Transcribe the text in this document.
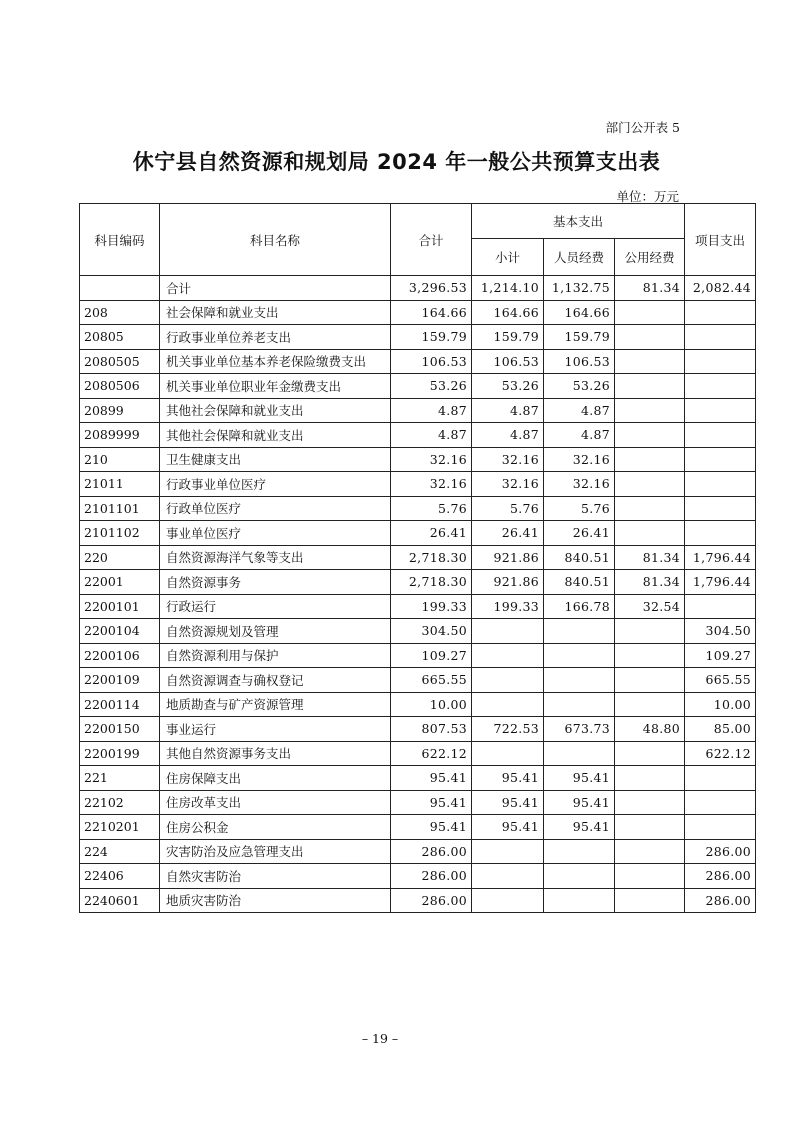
部门公开表 5
休宁县自然资源和规划局 2024 年一般公共预算支出表
单位：万元
科目编码	科目名称	合计	基本支出			项目支出
			小计	人员经费	公用经费	
	合计	3,296.53	1,214.10	1,132.75	81.34	2,082.44
208	社会保障和就业支出	164.66	164.66	164.66		
20805	行政事业单位养老支出	159.79	159.79	159.79		
2080505	机关事业单位基本养老保险缴费支出	106.53	106.53	106.53		
2080506	机关事业单位职业年金缴费支出	53.26	53.26	53.26		
20899	其他社会保障和就业支出	4.87	4.87	4.87		
2089999	其他社会保障和就业支出	4.87	4.87	4.87		
210	卫生健康支出	32.16	32.16	32.16		
21011	行政事业单位医疗	32.16	32.16	32.16		
2101101	行政单位医疗	5.76	5.76	5.76		
2101102	事业单位医疗	26.41	26.41	26.41		
220	自然资源海洋气象等支出	2,718.30	921.86	840.51	81.34	1,796.44
22001	自然资源事务	2,718.30	921.86	840.51	81.34	1,796.44
2200101	行政运行	199.33	199.33	166.78	32.54	
2200104	自然资源规划及管理	304.50				304.50
2200106	自然资源利用与保护	109.27				109.27
2200109	自然资源调查与确权登记	665.55				665.55
2200114	地质勘查与矿产资源管理	10.00				10.00
2200150	事业运行	807.53	722.53	673.73	48.80	85.00
2200199	其他自然资源事务支出	622.12				622.12
221	住房保障支出	95.41	95.41	95.41		
22102	住房改革支出	95.41	95.41	95.41		
2210201	住房公积金	95.41	95.41	95.41		
224	灾害防治及应急管理支出	286.00				286.00
22406	自然灾害防治	286.00				286.00
2240601	地质灾害防治	286.00				286.00
– 19 –
